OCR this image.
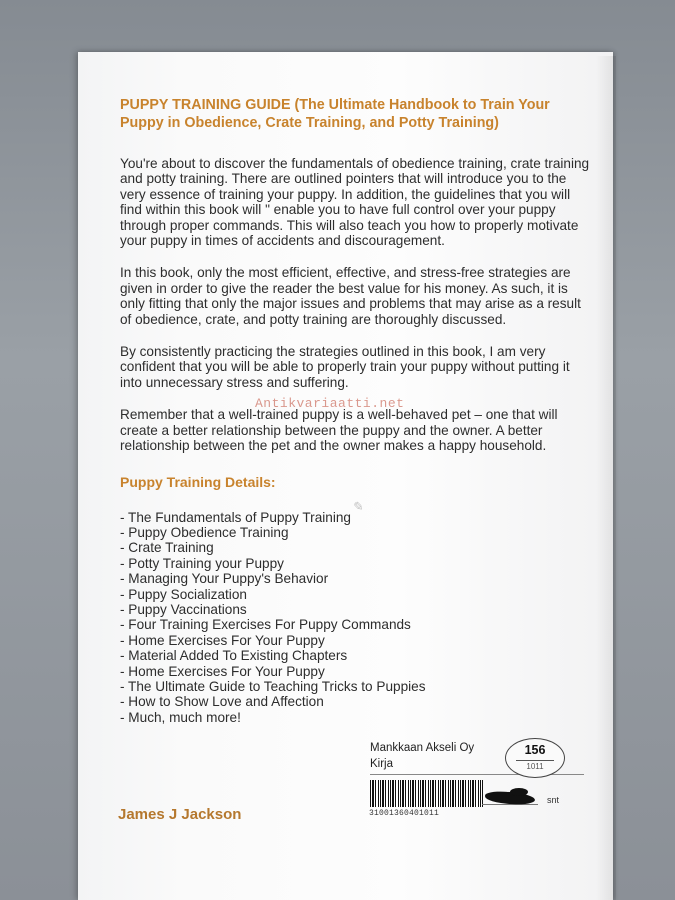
PUPPY TRAINING GUIDE (The Ultimate Handbook to Train Your Puppy in Obedience, Crate Training, and Potty Training)

You're about to discover the fundamentals of obedience training, crate training and potty training. There are outlined pointers that will introduce you to the very essence of training your puppy. In addition, the guidelines that you will find within this book will " enable you to have full control over your puppy through proper commands. This will also teach you how to properly motivate your puppy in times of accidents and discouragement.

In this book, only the most efficient, effective, and stress-free strategies are given in order to give the reader the best value for his money. As such, it is only fitting that only the major issues and problems that may arise as a result of obedience, crate, and potty training are thoroughly discussed.

By consistently practicing the strategies outlined in this book, I am very confident that you will be able to properly train your puppy without putting it into unnecessary stress and suffering.

Remember that a well-trained puppy is a well-behaved pet – one that will create a better relationship between the puppy and the owner. A better relationship between the pet and the owner makes a happy household.

Puppy Training Details:
- The Fundamentals of Puppy Training
- Puppy Obedience Training
- Crate Training
- Potty Training your Puppy
- Managing Your Puppy's Behavior
- Puppy Socialization
- Puppy Vaccinations
- Four Training Exercises For Puppy Commands
- Home Exercises For Your Puppy
- Material Added To Existing Chapters
- Home Exercises For Your Puppy
- The Ultimate Guide to Teaching Tricks to Puppies
- How to Show Love and Affection
- Much, much more!
Antikvariaatti.net
✎
James J Jackson
Mankkaan Akseli Oy
Kirja
156
1011
31001360401011
snt
